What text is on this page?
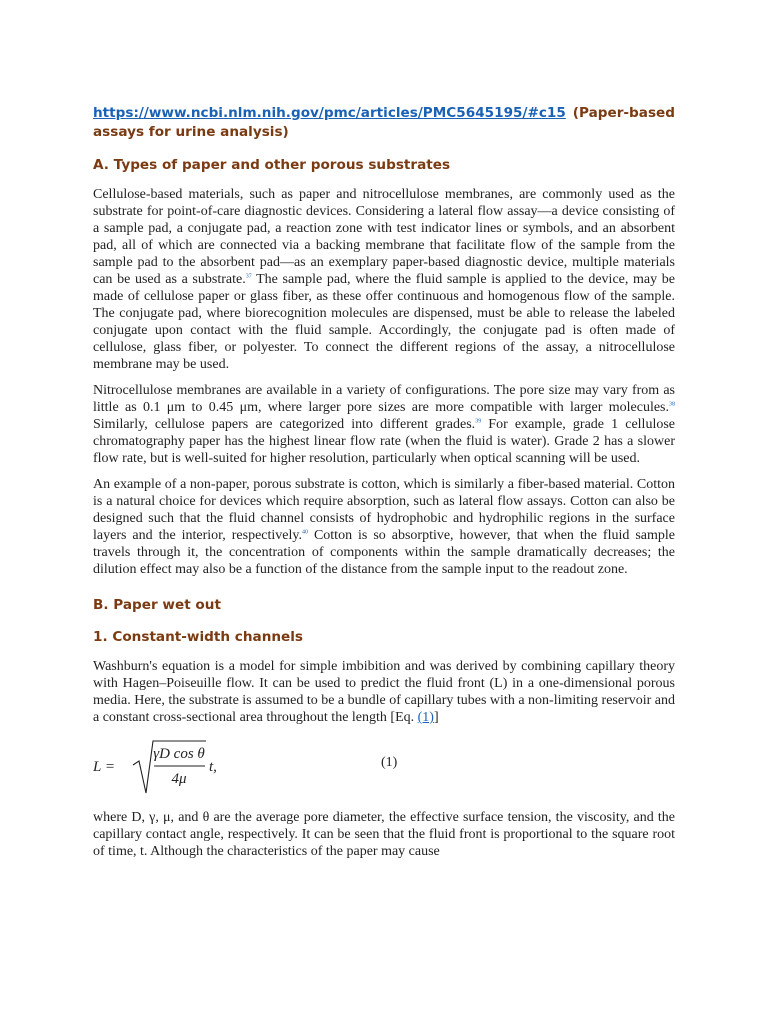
https://www.ncbi.nlm.nih.gov/pmc/articles/PMC5645195/#c15 (Paper-based

assays for urine analysis)
A. Types of paper and other porous substrates

Cellulose-based materials, such as paper and nitrocellulose membranes, are commonly used as the substrate for point-of-care diagnostic devices. Considering a lateral flow assay—a device consisting of a sample pad, a conjugate pad, a reaction zone with test indicator lines or symbols, and an absorbent pad, all of which are connected via a backing membrane that facilitate flow of the sample from the sample pad to the absorbent pad—as an exemplary paper-based diagnostic device, multiple materials can be used as a substrate.$^{37}$ The sample pad, where the fluid sample is applied to the device, may be made of cellulose paper or glass fiber, as these offer continuous and homogenous flow of the sample. The conjugate pad, where biorecognition molecules are dispensed, must be able to release the labeled conjugate upon contact with the fluid sample. Accordingly, the conjugate pad is often made of cellulose, glass fiber, or polyester. To connect the different regions of the assay, a nitrocellulose membrane may be used.

Nitrocellulose membranes are available in a variety of configurations. The pore size may vary from as little as 0.1 μm to 0.45 μm, where larger pore sizes are more compatible with larger molecules.$^{38}$ Similarly, cellulose papers are categorized into different grades.$^{39}$ For example, grade 1 cellulose chromatography paper has the highest linear flow rate (when the fluid is water). Grade 2 has a slower flow rate, but is well-suited for higher resolution, particularly when optical scanning will be used.

An example of a non-paper, porous substrate is cotton, which is similarly a fiber-based material. Cotton is a natural choice for devices which require absorption, such as lateral flow assays. Cotton can also be designed such that the fluid channel consists of hydrophobic and hydrophilic regions in the surface layers and the interior, respectively.$^{40}$ Cotton is so absorptive, however, that when the fluid sample travels through it, the concentration of components within the sample dramatically decreases; the dilution effect may also be a function of the distance from the sample input to the readout zone.

B. Paper wet out
1. Constant-width channels

Washburn's equation is a model for simple imbibition and was derived by combining capillary theory with Hagen–Poiseuille flow. It can be used to predict the fluid front (L) in a one-dimensional porous media. Here, the substrate is assumed to be a bundle of capillary tubes with a non-limiting reservoir and a constant cross-sectional area throughout the length [Eq. (1)]

L =
γD cos θ
4μ
t,	(1)

where D, γ, μ, and θ are the average pore diameter, the effective surface tension, the viscosity, and the capillary contact angle, respectively. It can be seen that the fluid front is proportional to the square root of time, t. Although the characteristics of the paper may cause
